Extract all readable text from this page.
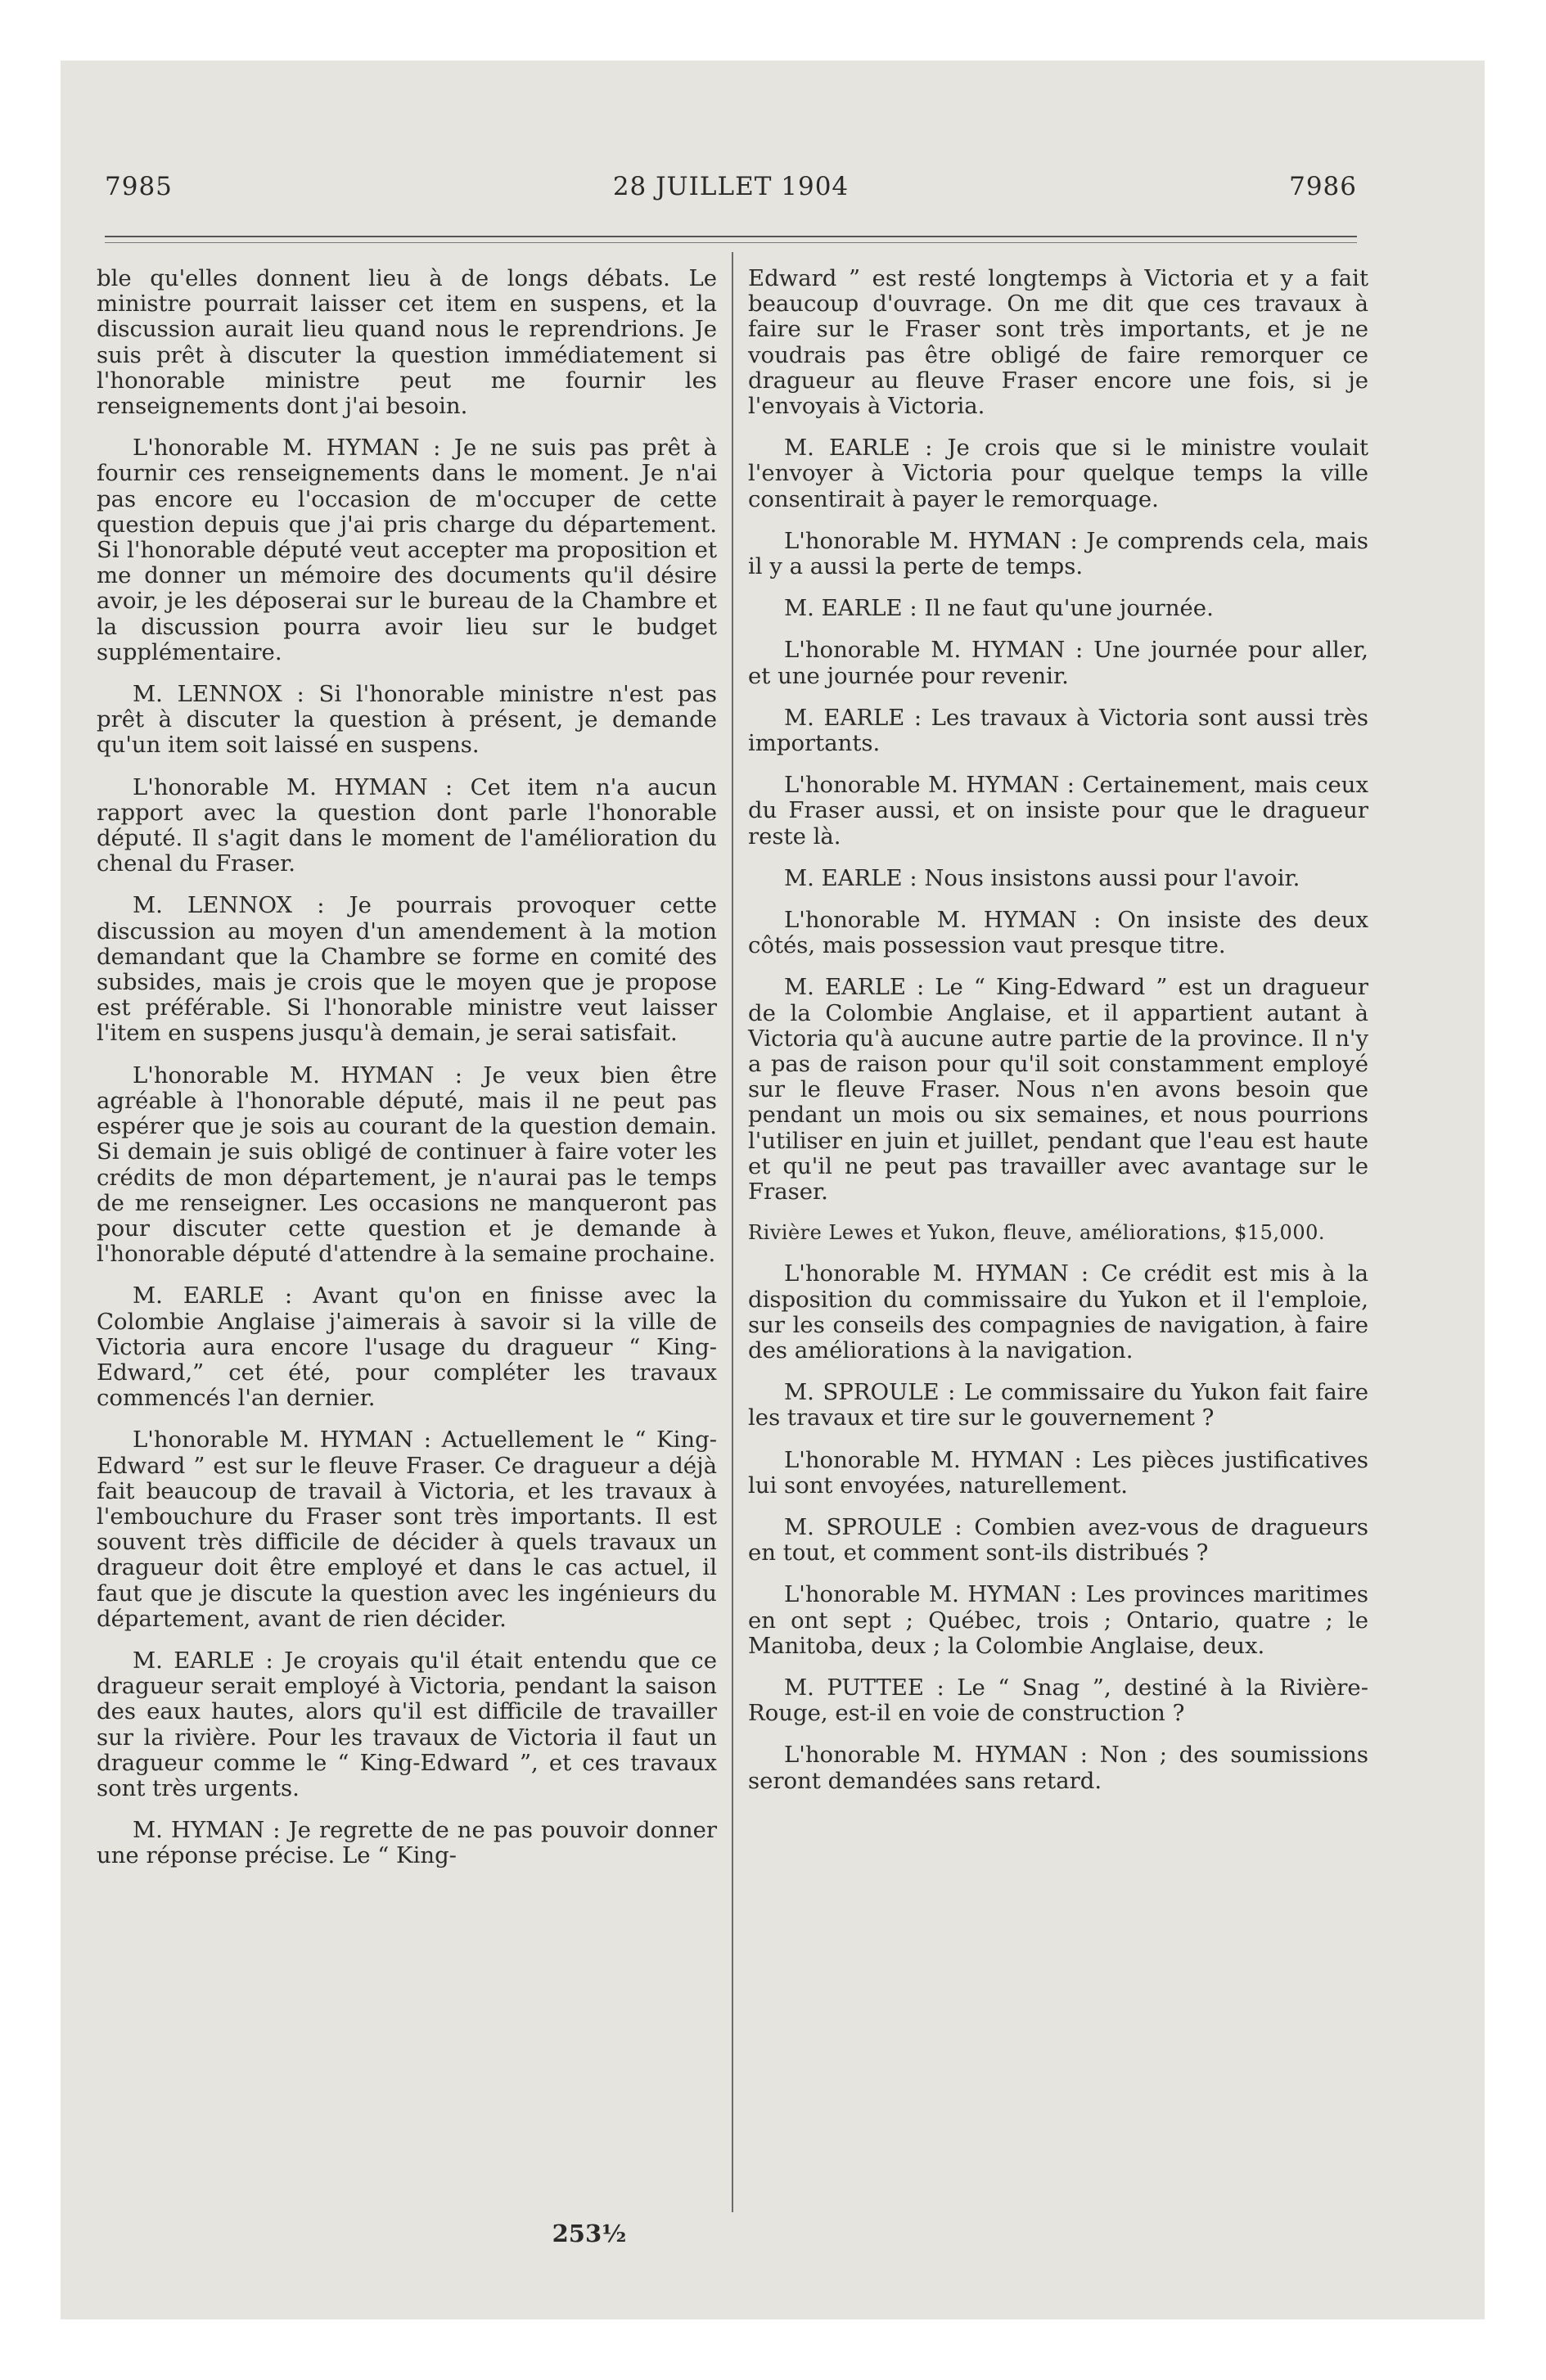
7985	28 JUILLET 1904	7986

ble qu'elles donnent lieu à de longs débats. Le ministre pourrait laisser cet item en suspens, et la discussion aurait lieu quand nous le reprendrions. Je suis prêt à discuter la question immédiatement si l'honorable ministre peut me fournir les renseignements dont j'ai besoin.

L'honorable M. HYMAN : Je ne suis pas prêt à fournir ces renseignements dans le moment. Je n'ai pas encore eu l'occasion de m'occuper de cette question depuis que j'ai pris charge du département. Si l'honorable député veut accepter ma proposition et me donner un mémoire des documents qu'il désire avoir, je les déposerai sur le bureau de la Chambre et la discussion pourra avoir lieu sur le budget supplémentaire.

M. LENNOX : Si l'honorable ministre n'est pas prêt à discuter la question à présent, je demande qu'un item soit laissé en suspens.

L'honorable M. HYMAN : Cet item n'a aucun rapport avec la question dont parle l'honorable député. Il s'agit dans le moment de l'amélioration du chenal du Fraser.

M. LENNOX : Je pourrais provoquer cette discussion au moyen d'un amendement à la motion demandant que la Chambre se forme en comité des subsides, mais je crois que le moyen que je propose est préférable. Si l'honorable ministre veut laisser l'item en suspens jusqu'à demain, je serai satisfait.

L'honorable M. HYMAN : Je veux bien être agréable à l'honorable député, mais il ne peut pas espérer que je sois au courant de la question demain. Si demain je suis obligé de continuer à faire voter les crédits de mon département, je n'aurai pas le temps de me renseigner. Les occasions ne manqueront pas pour discuter cette question et je demande à l'honorable député d'attendre à la semaine prochaine.

M. EARLE : Avant qu'on en finisse avec la Colombie Anglaise j'aimerais à savoir si la ville de Victoria aura encore l'usage du dragueur “ King-Edward,” cet été, pour compléter les travaux commencés l'an dernier.

L'honorable M. HYMAN : Actuellement le “ King-Edward ” est sur le fleuve Fraser. Ce dragueur a déjà fait beaucoup de travail à Victoria, et les travaux à l'embouchure du Fraser sont très importants. Il est souvent très difficile de décider à quels travaux un dragueur doit être employé et dans le cas actuel, il faut que je discute la question avec les ingénieurs du département, avant de rien décider.

M. EARLE : Je croyais qu'il était entendu que ce dragueur serait employé à Victoria, pendant la saison des eaux hautes, alors qu'il est difficile de travailler sur la rivière. Pour les travaux de Victoria il faut un dragueur comme le “ King-Edward ”, et ces travaux sont très urgents.

M. HYMAN : Je regrette de ne pas pouvoir donner une réponse précise. Le “ King-

Edward ” est resté longtemps à Victoria et y a fait beaucoup d'ouvrage. On me dit que ces travaux à faire sur le Fraser sont très importants, et je ne voudrais pas être obligé de faire remorquer ce dragueur au fleuve Fraser encore une fois, si je l'envoyais à Victoria.

M. EARLE : Je crois que si le ministre voulait l'envoyer à Victoria pour quelque temps la ville consentirait à payer le remorquage.

L'honorable M. HYMAN : Je comprends cela, mais il y a aussi la perte de temps.

M. EARLE : Il ne faut qu'une journée.

L'honorable M. HYMAN : Une journée pour aller, et une journée pour revenir.

M. EARLE : Les travaux à Victoria sont aussi très importants.

L'honorable M. HYMAN : Certainement, mais ceux du Fraser aussi, et on insiste pour que le dragueur reste là.

M. EARLE : Nous insistons aussi pour l'avoir.

L'honorable M. HYMAN : On insiste des deux côtés, mais possession vaut presque titre.

M. EARLE : Le “ King-Edward ” est un dragueur de la Colombie Anglaise, et il appartient autant à Victoria qu'à aucune autre partie de la province. Il n'y a pas de raison pour qu'il soit constamment employé sur le fleuve Fraser. Nous n'en avons besoin que pendant un mois ou six semaines, et nous pourrions l'utiliser en juin et juillet, pendant que l'eau est haute et qu'il ne peut pas travailler avec avantage sur le Fraser.

Rivière Lewes et Yukon, fleuve, améliorations, $15,000.

L'honorable M. HYMAN : Ce crédit est mis à la disposition du commissaire du Yukon et il l'emploie, sur les conseils des compagnies de navigation, à faire des améliorations à la navigation.

M. SPROULE : Le commissaire du Yukon fait faire les travaux et tire sur le gouvernement ?

L'honorable M. HYMAN : Les pièces justificatives lui sont envoyées, naturellement.

M. SPROULE : Combien avez-vous de dragueurs en tout, et comment sont-ils distribués ?

L'honorable M. HYMAN : Les provinces maritimes en ont sept ; Québec, trois ; Ontario, quatre ; le Manitoba, deux ; la Colombie Anglaise, deux.

M. PUTTEE : Le “ Snag ”, destiné à la Rivière-Rouge, est-il en voie de construction ?

L'honorable M. HYMAN : Non ; des soumissions seront demandées sans retard.

253½
